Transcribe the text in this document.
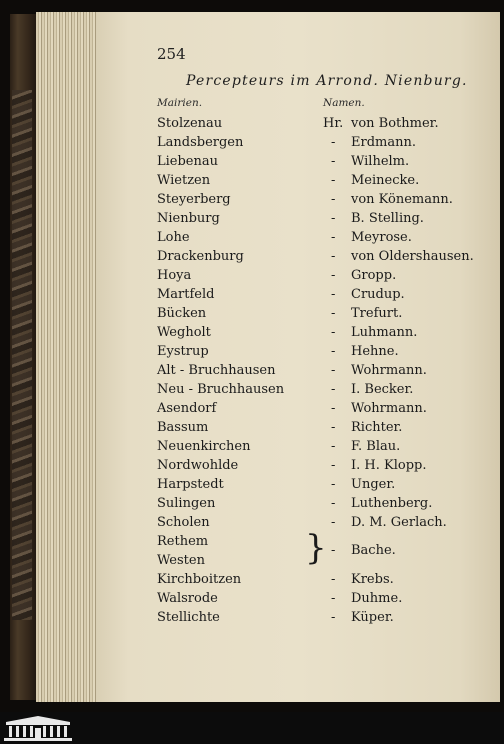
254
Percepteurs im Arrond. Nienburg.
Mairien.	Namen.
Stolzenau	Hr. von Bothmer.
Landsbergen	- Erdmann.
Liebenau	- Wilhelm.
Wietzen	- Meinecke.
Steyerberg	- von Könemann.
Nienburg	- B. Stelling.
Lohe	- Meyrose.
Drackenburg	- von Oldershausen.
Hoya	- Gropp.
Martfeld	- Crudup.
Bücken	- Trefurt.
Wegholt	- Luhmann.
Eystrup	- Hehne.
Alt - Bruchhausen	- Wohrmann.
Neu - Bruchhausen	- I. Becker.
Asendorf	- Wohrmann.
Bassum	- Richter.
Neuenkirchen	- F. Blau.
Nordwohlde	- I. H. Klopp.
Harpstedt	- Unger.
Sulingen	- Luthenberg.
Scholen	- D. M. Gerlach.
Rethem
Westen	} - Bache.
Kirchboitzen	- Krebs.
Walsrode	- Duhme.
Stellichte	- Küper.
